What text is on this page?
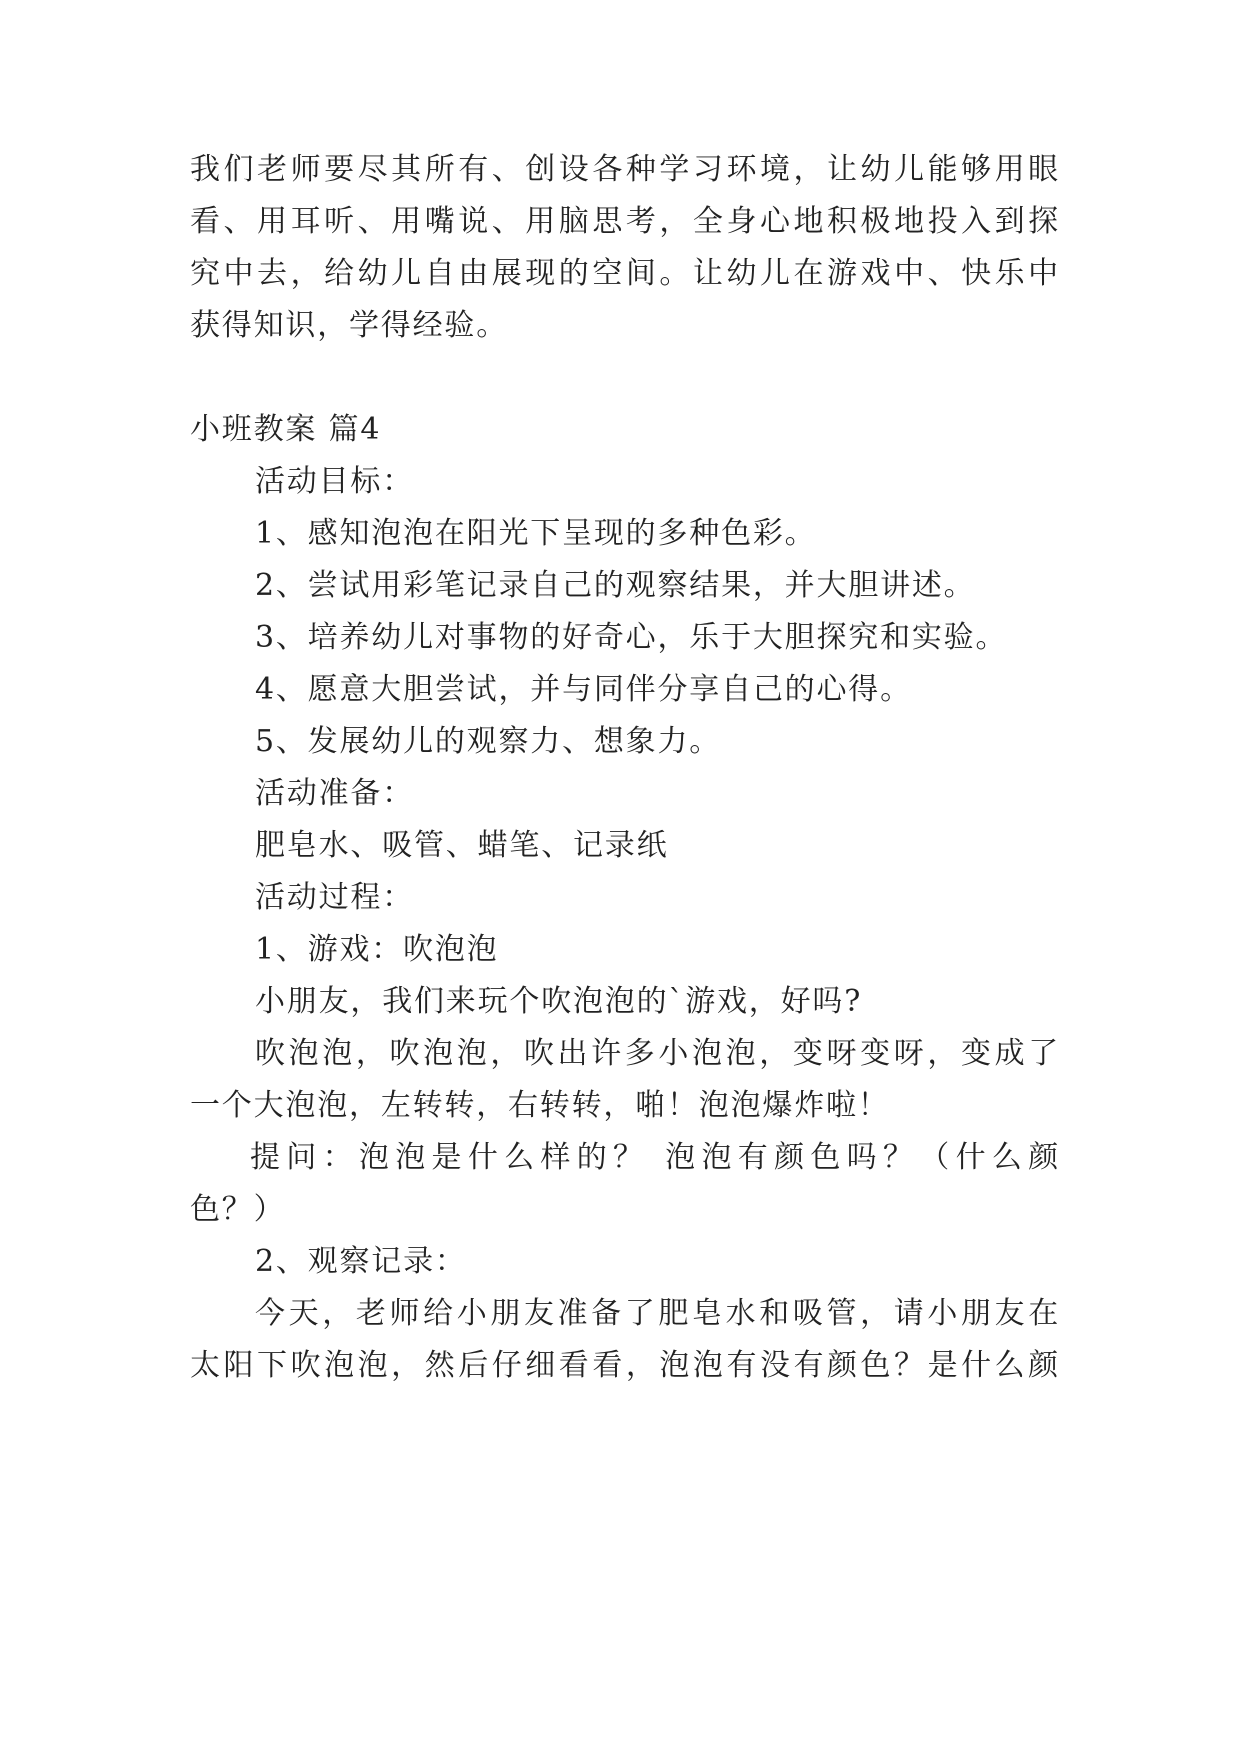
我们老师要尽其所有、创设各种学习环境，让幼儿能够用眼
看、用耳听、用嘴说、用脑思考，全身心地积极地投入到探
究中去，给幼儿自由展现的空间。让幼儿在游戏中、快乐中
获得知识，学得经验。
小班教案 篇4
活动目标：
1、感知泡泡在阳光下呈现的多种色彩。
2、尝试用彩笔记录自己的观察结果，并大胆讲述。
3、培养幼儿对事物的好奇心，乐于大胆探究和实验。
4、愿意大胆尝试，并与同伴分享自己的心得。
5、发展幼儿的观察力、想象力。
活动准备：
肥皂水、吸管、蜡笔、记录纸
活动过程：
1、游戏：吹泡泡
小朋友，我们来玩个吹泡泡的`游戏，好吗?
吹泡泡，吹泡泡，吹出许多小泡泡，变呀变呀，变成了
一个大泡泡，左转转，右转转，啪！泡泡爆炸啦！
提问：泡泡是什么样的？ 泡泡有颜色吗？（什么颜
色？）
2、观察记录：
今天，老师给小朋友准备了肥皂水和吸管，请小朋友在
太阳下吹泡泡，然后仔细看看，泡泡有没有颜色？是什么颜
